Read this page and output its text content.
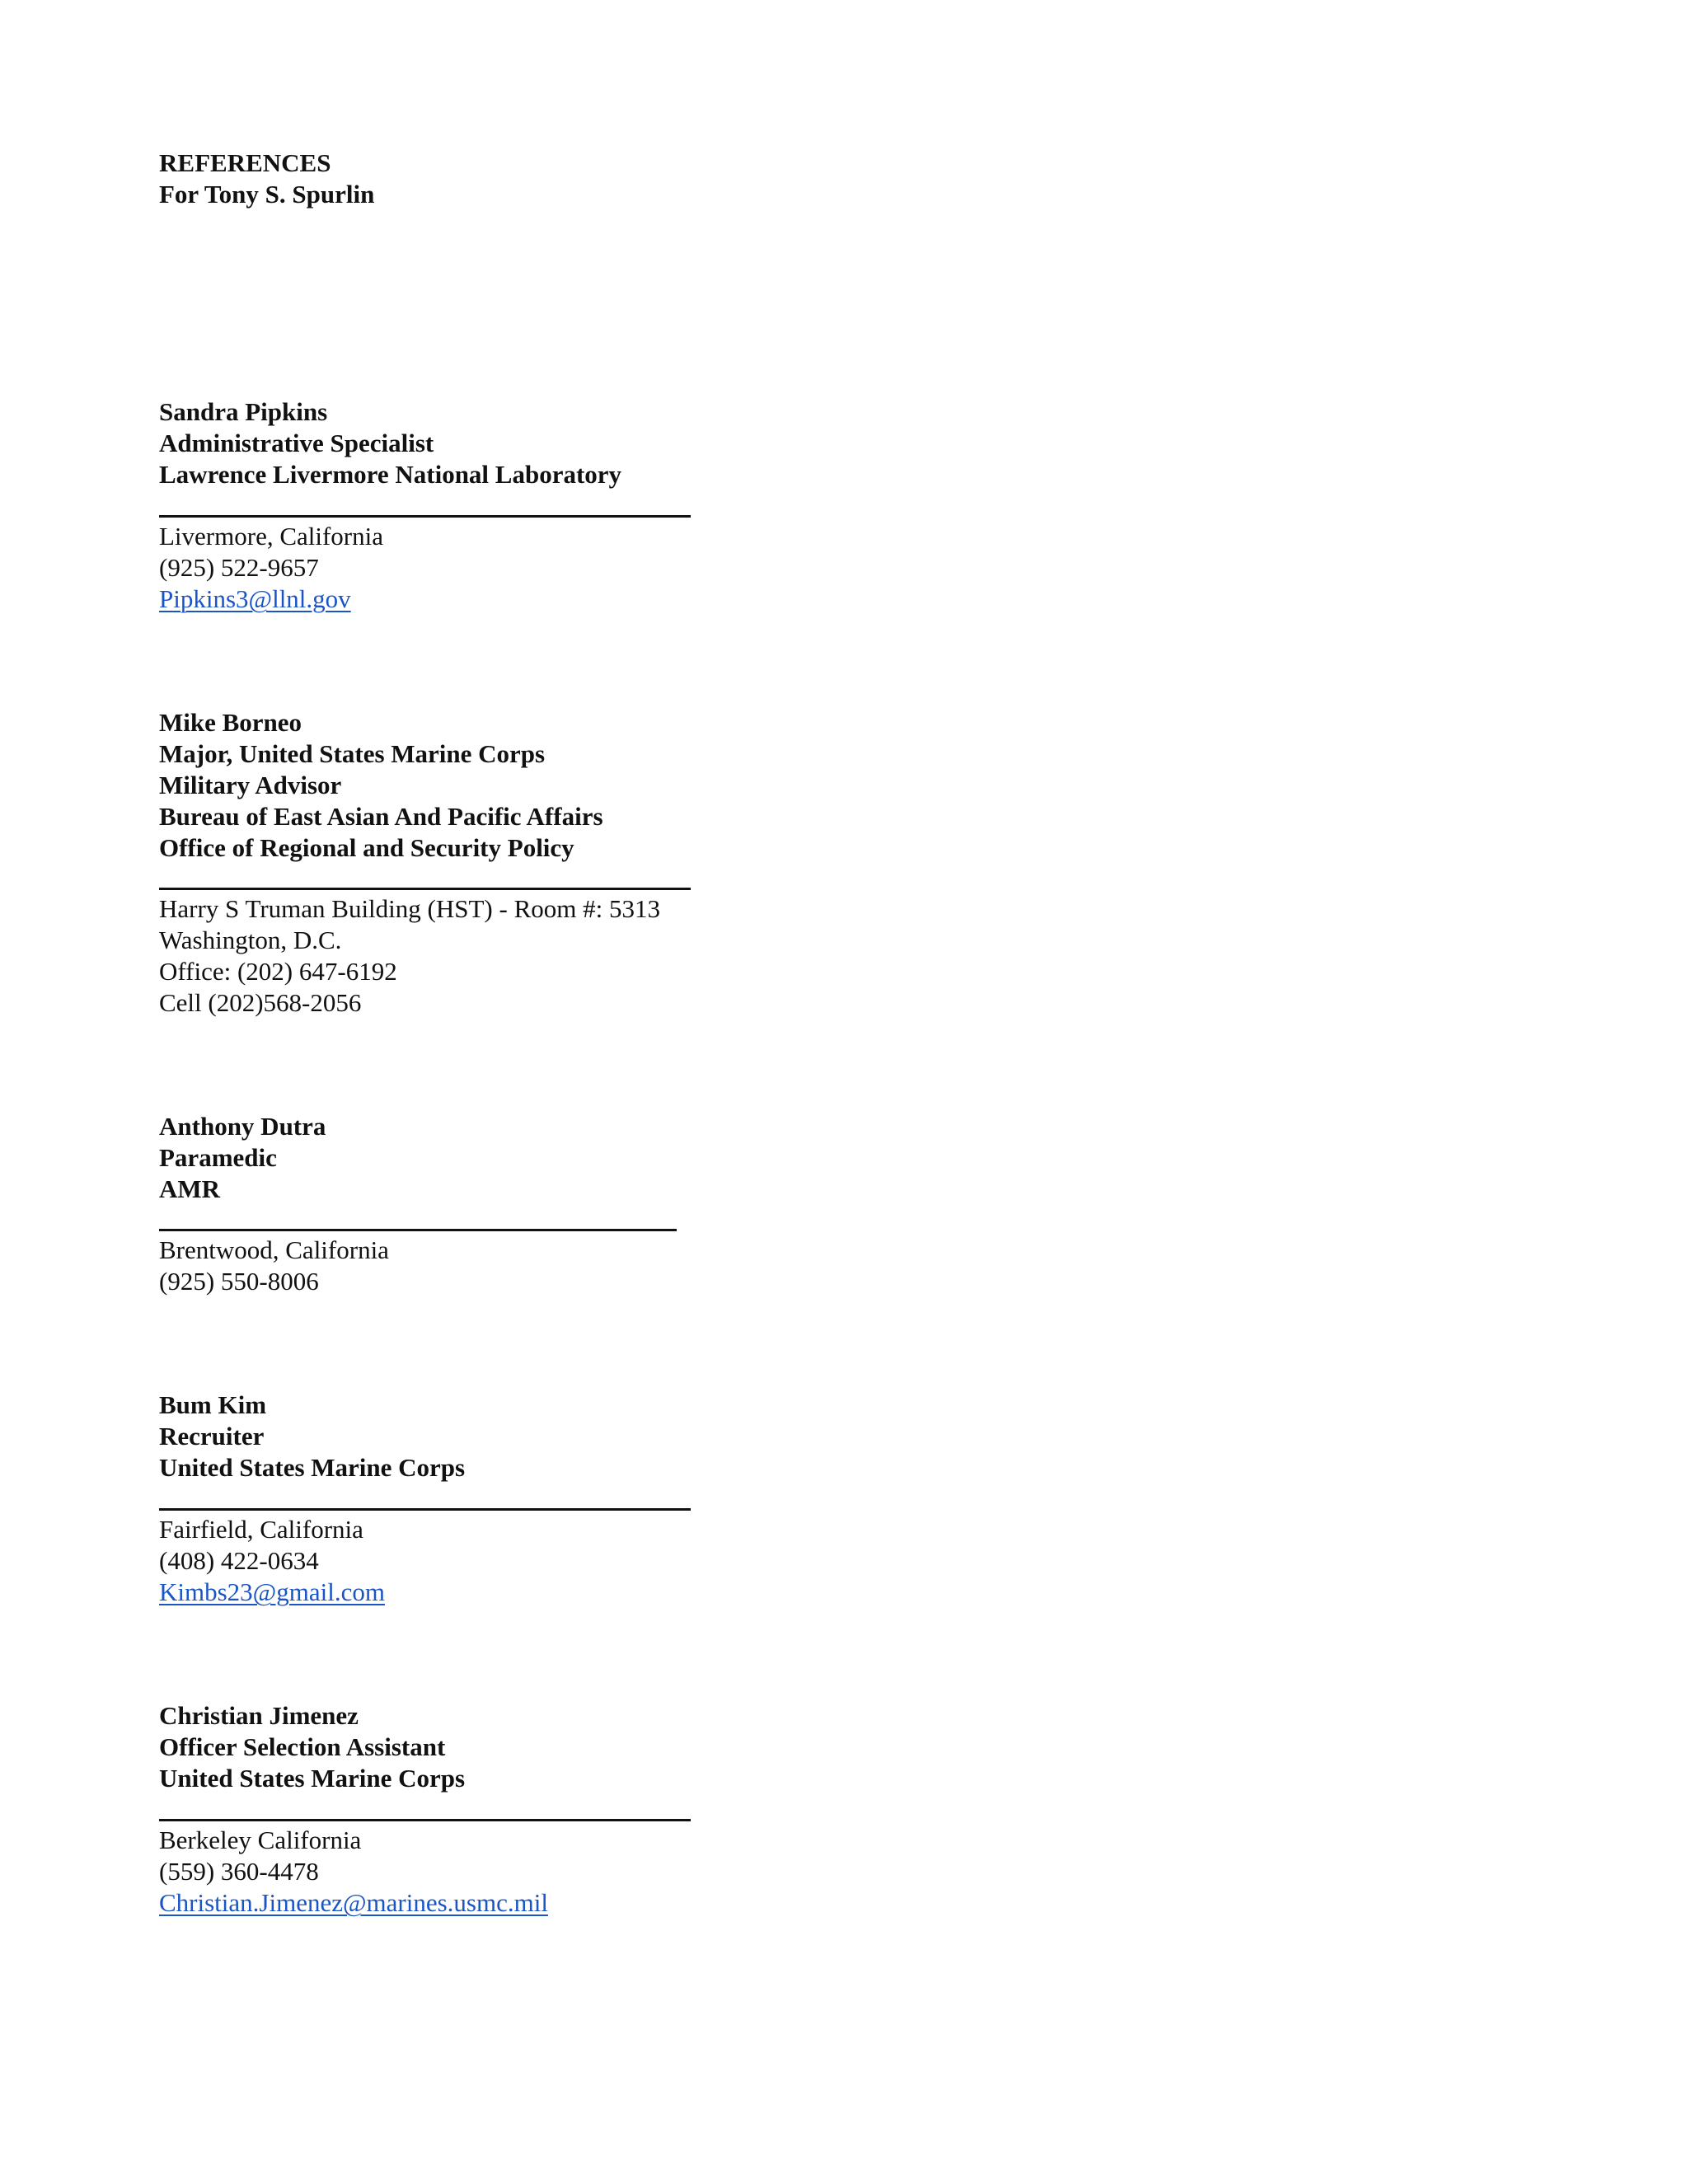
REFERENCES
For Tony S. Spurlin
Sandra Pipkins
Administrative Specialist
Lawrence Livermore National Laboratory
Livermore, California
(925) 522-9657
Pipkins3@llnl.gov
Mike Borneo
Major, United States Marine Corps
Military Advisor
Bureau of East Asian And Pacific Affairs
Office of Regional and Security Policy
Harry S Truman Building (HST) - Room #: 5313
Washington, D.C.
Office: (202) 647-6192
Cell (202)568-2056
Anthony Dutra
Paramedic
AMR
Brentwood, California
(925) 550-8006
Bum Kim
Recruiter
United States Marine Corps
Fairfield, California
(408) 422-0634
Kimbs23@gmail.com
Christian Jimenez
Officer Selection Assistant
United States Marine Corps
Berkeley California
(559) 360-4478
Christian.Jimenez@marines.usmc.mil
